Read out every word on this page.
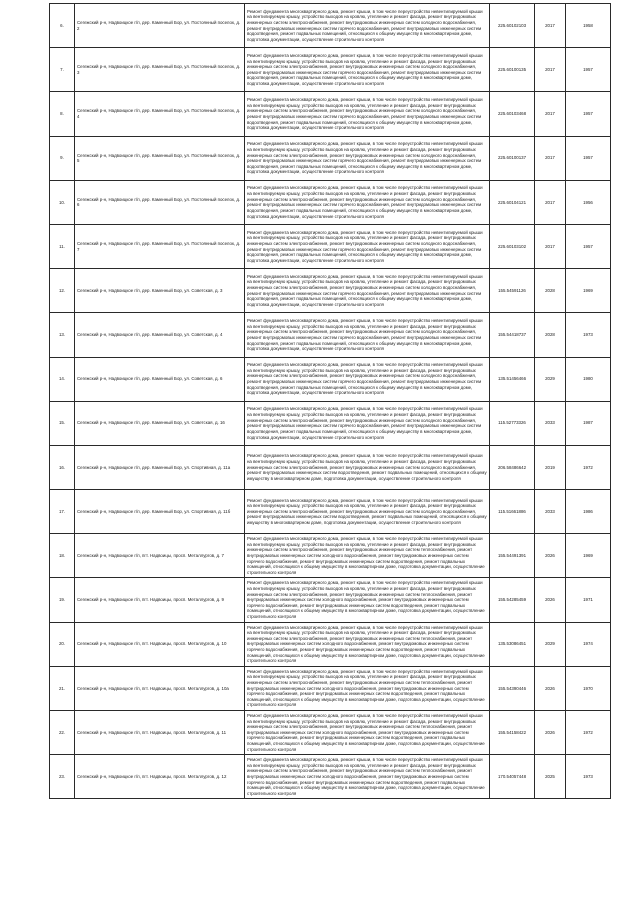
6.	Сегежский р-н, Надвоицкое г/п, дер. Каменный Бор, ул. Постоянный поселок, д. 2	Ремонт фундамента многоквартирного дома, ремонт крыши, в том числе переустройство невентилируемой крыши на вентилируемую крышу, устройство выходов на кровлю, утепление и ремонт фасада, ремонт внутридомовых инженерных систем электроснабжения, ремонт внутридомовых инженерных систем холодного водоснабжения, ремонт внутридомовых инженерных систем горячего водоснабжения, ремонт внутридомовых инженерных систем водоотведения, ремонт подвальных помещений, относящихся к общему имуществу в многоквартирном доме, подготовка документации, осуществление строительного контроля	225.60102103	2017	1958
7.	Сегежский р-н, Надвоицкое г/п, дер. Каменный Бор, ул. Постоянный поселок, д. 3	Ремонт фундамента многоквартирного дома, ремонт крыши, в том числе переустройство невентилируемой крыши на вентилируемую крышу, устройство выходов на кровлю, утепление и ремонт фасада, ремонт внутридомовых инженерных систем электроснабжения, ремонт внутридомовых инженерных систем холодного водоснабжения, ремонт внутридомовых инженерных систем горячего водоснабжения, ремонт внутридомовых инженерных систем водоотведения, ремонт подвальных помещений, относящихся к общему имуществу в многоквартирном доме, подготовка документации, осуществление строительного контроля	225.60100135	2017	1957
8.	Сегежский р-н, Надвоицкое г/п, дер. Каменный Бор, ул. Постоянный поселок, д. 4	Ремонт фундамента многоквартирного дома, ремонт крыши, в том числе переустройство невентилируемой крыши на вентилируемую крышу, устройство выходов на кровлю, утепление и ремонт фасада, ремонт внутридомовых инженерных систем электроснабжения, ремонт внутридомовых инженерных систем холодного водоснабжения, ремонт внутридомовых инженерных систем горячего водоснабжения, ремонт внутридомовых инженерных систем водоотведения, ремонт подвальных помещений, относящихся к общему имуществу в многоквартирном доме, подготовка документации, осуществление строительного контроля	225.60103468	2017	1957
9.	Сегежский р-н, Надвоицкое г/п, дер. Каменный Бор, ул. Постоянный поселок, д. 5	Ремонт фундамента многоквартирного дома, ремонт крыши, в том числе переустройство невентилируемой крыши на вентилируемую крышу, устройство выходов на кровлю, утепление и ремонт фасада, ремонт внутридомовых инженерных систем электроснабжения, ремонт внутридомовых инженерных систем холодного водоснабжения, ремонт внутридомовых инженерных систем горячего водоснабжения, ремонт внутридомовых инженерных систем водоотведения, ремонт подвальных помещений, относящихся к общему имуществу в многоквартирном доме, подготовка документации, осуществление строительного контроля	225.60100137	2017	1957
10.	Сегежский р-н, Надвоицкое г/п, дер. Каменный Бор, ул. Постоянный поселок, д. 6	Ремонт фундамента многоквартирного дома, ремонт крыши, в том числе переустройство невентилируемой крыши на вентилируемую крышу, устройство выходов на кровлю, утепление и ремонт фасада, ремонт внутридомовых инженерных систем электроснабжения, ремонт внутридомовых инженерных систем холодного водоснабжения, ремонт внутридомовых инженерных систем горячего водоснабжения, ремонт внутридомовых инженерных систем водоотведения, ремонт подвальных помещений, относящихся к общему имуществу в многоквартирном доме, подготовка документации, осуществление строительного контроля	225.60104121	2017	1956
11.	Сегежский р-н, Надвоицкое г/п, дер. Каменный Бор, ул. Постоянный поселок, д. 7	Ремонт фундамента многоквартирного дома, ремонт крыши, в том числе переустройство невентилируемой крыши на вентилируемую крышу, устройство выходов на кровлю, утепление и ремонт фасада, ремонт внутридомовых инженерных систем электроснабжения, ремонт внутридомовых инженерных систем холодного водоснабжения, ремонт внутридомовых инженерных систем горячего водоснабжения, ремонт внутридомовых инженерных систем водоотведения, ремонт подвальных помещений, относящихся к общему имуществу в многоквартирном доме, подготовка документации, осуществление строительного контроля	225.60103102	2017	1957
12.	Сегежский р-н, Надвоицкое г/п, дер. Каменный Бор, ул. Советская, д. 3	Ремонт фундамента многоквартирного дома, ремонт крыши, в том числе переустройство невентилируемой крыши на вентилируемую крышу, устройство выходов на кровлю, утепление и ремонт фасада, ремонт внутридомовых инженерных систем электроснабжения, ремонт внутридомовых инженерных систем холодного водоснабжения, ремонт внутридомовых инженерных систем горячего водоснабжения, ремонт внутридомовых инженерных систем водоотведения, ремонт подвальных помещений, относящихся к общему имуществу в многоквартирном доме, подготовка документации, осуществление строительного контроля	155.54591126	2028	1969
13.	Сегежский р-н, Надвоицкое г/п, дер. Каменный Бор, ул. Советская, д. 4	Ремонт фундамента многоквартирного дома, ремонт крыши, в том числе переустройство невентилируемой крыши на вентилируемую крышу, устройство выходов на кровлю, утепление и ремонт фасада, ремонт внутридомовых инженерных систем электроснабжения, ремонт внутридомовых инженерных систем холодного водоснабжения, ремонт внутридомовых инженерных систем горячего водоснабжения, ремонт внутридомовых инженерных систем водоотведения, ремонт подвальных помещений, относящихся к общему имуществу в многоквартирном доме, подготовка документации, осуществление строительного контроля	155.54418737	2028	1973
14.	Сегежский р-н, Надвоицкое г/п, дер. Каменный Бор, ул. Советская, д. 6	Ремонт фундамента многоквартирного дома, ремонт крыши, в том числе переустройство невентилируемой крыши на вентилируемую крышу, устройство выходов на кровлю, утепление и ремонт фасада, ремонт внутридомовых инженерных систем электроснабжения, ремонт внутридомовых инженерных систем холодного водоснабжения, ремонт внутридомовых инженерных систем горячего водоснабжения, ремонт внутридомовых инженерных систем водоотведения, ремонт подвальных помещений, относящихся к общему имуществу в многоквартирном доме, подготовка документации, осуществление строительного контроля	135.51456466	2029	1980
15.	Сегежский р-н, Надвоицкое г/п, дер. Каменный Бор, ул. Советская, д. 16	Ремонт фундамента многоквартирного дома, ремонт крыши, в том числе переустройство невентилируемой крыши на вентилируемую крышу, устройство выходов на кровлю, утепление и ремонт фасада, ремонт внутридомовых инженерных систем электроснабжения, ремонт внутридомовых инженерных систем холодного водоснабжения, ремонт внутридомовых инженерных систем горячего водоснабжения, ремонт внутридомовых инженерных систем водоотведения, ремонт подвальных помещений, относящихся к общему имуществу в многоквартирном доме, подготовка документации, осуществление строительного контроля	115.52773326	2033	1987
16.	Сегежский р-н, Надвоицкое г/п, дер. Каменный Бор, ул. Спортивная, д. 11а	Ремонт фундамента многоквартирного дома, ремонт крыши, в том числе переустройство невентилируемой крыши на вентилируемую крышу, устройство выходов на кровлю, утепление и ремонт фасада, ремонт внутридомовых инженерных систем электроснабжения, ремонт внутридомовых инженерных систем холодного водоснабжения, ремонт внутридомовых инженерных систем водоотведения, ремонт подвальных помещений, относящихся к общему имуществу в многоквартирном доме, подготовка документации, осуществление строительного контроля	206.58486642	2019	1972
17.	Сегежский р-н, Надвоицкое г/п, дер. Каменный Бор, ул. Спортивная, д. 11б	Ремонт фундамента многоквартирного дома, ремонт крыши, в том числе переустройство невентилируемой крыши на вентилируемую крышу, устройство выходов на кровлю, утепление и ремонт фасада, ремонт внутридомовых инженерных систем электроснабжения, ремонт внутридомовых инженерных систем холодного водоснабжения, ремонт внутридомовых инженерных систем водоотведения, ремонт подвальных помещений, относящихся к общему имуществу в многоквартирном доме, подготовка документации, осуществление строительного контроля	115.51661886	2033	1986
18.	Сегежский р-н, Надвоицкое г/п, пгт. Надвоицы, просп. Металлургов, д. 7	Ремонт фундамента многоквартирного дома, ремонт крыши, в том числе переустройство невентилируемой крыши на вентилируемую крышу, устройство выходов на кровлю, утепление и ремонт фасада, ремонт внутридомовых инженерных систем электроснабжения, ремонт внутридомовых инженерных систем теплоснабжения, ремонт внутридомовых инженерных систем холодного водоснабжения, ремонт внутридомовых инженерных систем горячего водоснабжения, ремонт внутридомовых инженерных систем водоотведения, ремонт подвальных помещений, относящихся к общему имуществу в многоквартирном доме, подготовка документации, осуществление строительного контроля	155.54491391	2026	1969
19.	Сегежский р-н, Надвоицкое г/п, пгт. Надвоицы, просп. Металлургов, д. 9	Ремонт фундамента многоквартирного дома, ремонт крыши, в том числе переустройство невентилируемой крыши на вентилируемую крышу, устройство выходов на кровлю, утепление и ремонт фасада, ремонт внутридомовых инженерных систем электроснабжения, ремонт внутридомовых инженерных систем теплоснабжения, ремонт внутридомовых инженерных систем холодного водоснабжения, ремонт внутридомовых инженерных систем горячего водоснабжения, ремонт внутридомовых инженерных систем водоотведения, ремонт подвальных помещений, относящихся к общему имуществу в многоквартирном доме, подготовка документации, осуществление строительного контроля	155.54285459	2026	1971
20.	Сегежский р-н, Надвоицкое г/п, пгт. Надвоицы, просп. Металлургов, д. 10	Ремонт фундамента многоквартирного дома, ремонт крыши, в том числе переустройство невентилируемой крыши на вентилируемую крышу, устройство выходов на кровлю, утепление и ремонт фасада, ремонт внутридомовых инженерных систем электроснабжения, ремонт внутридомовых инженерных систем теплоснабжения, ремонт внутридомовых инженерных систем холодного водоснабжения, ремонт внутридомовых инженерных систем горячего водоснабжения, ремонт внутридомовых инженерных систем водоотведения, ремонт подвальных помещений, относящихся к общему имуществу в многоквартирном доме, подготовка документации, осуществление строительного контроля	135.53086451	2029	1974
21.	Сегежский р-н, Надвоицкое г/п, пгт. Надвоицы, просп. Металлургов, д. 10а	Ремонт фундамента многоквартирного дома, ремонт крыши, в том числе переустройство невентилируемой крыши на вентилируемую крышу, устройство выходов на кровлю, утепление и ремонт фасада, ремонт внутридомовых инженерных систем электроснабжения, ремонт внутридомовых инженерных систем теплоснабжения, ремонт внутридомовых инженерных систем холодного водоснабжения, ремонт внутридомовых инженерных систем горячего водоснабжения, ремонт внутридомовых инженерных систем водоотведения, ремонт подвальных помещений, относящихся к общему имуществу в многоквартирном доме, подготовка документации, осуществление строительного контроля	155.54390446	2026	1970
22.	Сегежский р-н, Надвоицкое г/п, пгт. Надвоицы, просп. Металлургов, д. 11	Ремонт фундамента многоквартирного дома, ремонт крыши, в том числе переустройство невентилируемой крыши на вентилируемую крышу, устройство выходов на кровлю, утепление и ремонт фасада, ремонт внутридомовых инженерных систем электроснабжения, ремонт внутридомовых инженерных систем теплоснабжения, ремонт внутридомовых инженерных систем холодного водоснабжения, ремонт внутридомовых инженерных систем горячего водоснабжения, ремонт внутридомовых инженерных систем водоотведения, ремонт подвальных помещений, относящихся к общему имуществу в многоквартирном доме, подготовка документации, осуществление строительного контроля	155.54158422	2026	1972
23.	Сегежский р-н, Надвоицкое г/п, пгт. Надвоицы, просп. Металлургов, д. 12	Ремонт фундамента многоквартирного дома, ремонт крыши, в том числе переустройство невентилируемой крыши на вентилируемую крышу, устройство выходов на кровлю, утепление и ремонт фасада, ремонт внутридомовых инженерных систем электроснабжения, ремонт внутридомовых инженерных систем теплоснабжения, ремонт внутридомовых инженерных систем холодного водоснабжения, ремонт внутридомовых инженерных систем горячего водоснабжения, ремонт внутридомовых инженерных систем водоотведения, ремонт подвальных помещений, относящихся к общему имуществу в многоквартирном доме, подготовка документации, осуществление строительного контроля	170.54057448	2025	1973
